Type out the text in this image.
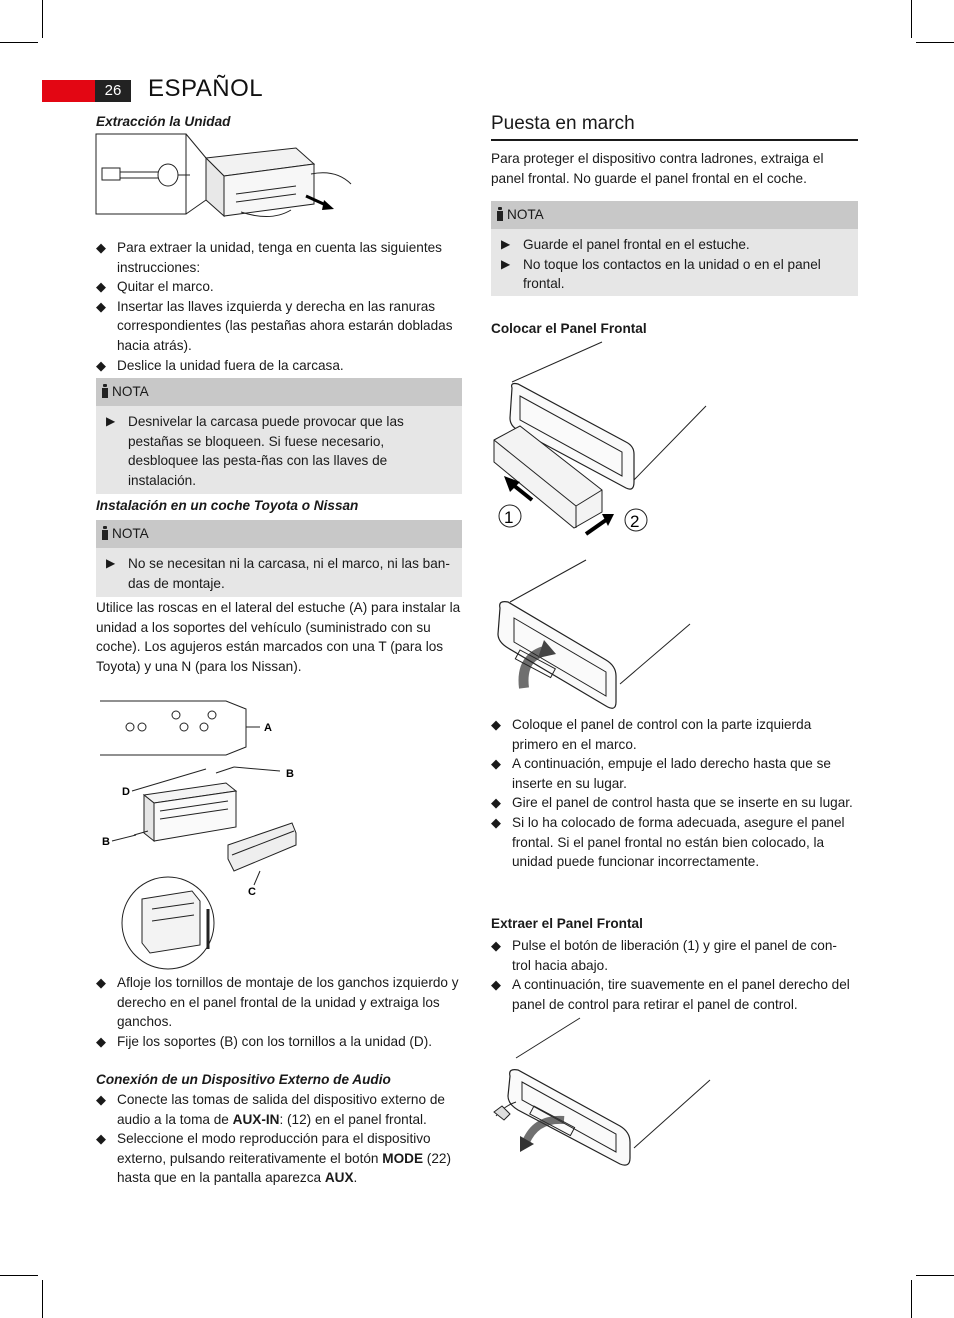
26	ESPAÑOL
Extracción la Unidad

◆ Para extraer la unidad, tenga en cuenta las siguientes instrucciones:

◆ Quitar el marco.

◆ Insertar las llaves izquierda y derecha en las ranuras correspondientes (las pestañas ahora estarán dobladas hacia atrás).

◆ Deslice la unidad fuera de la carcasa.

NOTA

▶ Desnivelar la carcasa puede provocar que las pestañas se bloqueen. Si fuese necesario, desbloquee las pesta-ñas con las llaves de instalación.

Instalación en un coche Toyota o Nissan
NOTA

▶ No se necesitan ni la carcasa, ni el marco, ni las ban-das de montaje.

Utilice las roscas en el lateral del estuche (A) para instalar la unidad a los soportes del vehículo (suministrado con su coche). Los agujeros están marcados con una T (para los Toyota) y una N (para los Nissan).
A
B
D
B
C

◆ Afloje los tornillos de montaje de los ganchos izquierdo y derecho en el panel frontal de la unidad y extraiga los ganchos.

◆ Fije los soportes (B) con los tornillos a la unidad (D).

Conexión de un Dispositivo Externo de Audio

◆ Conecte las tomas de salida del dispositivo externo de audio a la toma de AUX-IN: (12) en el panel frontal.

◆ Seleccione el modo reproducción para el dispositivo externo, pulsando reiterativamente el botón MODE (22) hasta que en la pantalla aparezca AUX.

Puesta en march
Para proteger el dispositivo contra ladrones, extraiga el panel frontal. No guarde el panel frontal en el coche.
NOTA

▶ Guarde el panel frontal en el estuche.

▶ No toque los contactos en la unidad o en el panel frontal.

Colocar el Panel Frontal
1	2

◆ Coloque el panel de control con la parte izquierda primero en el marco.

◆ A continuación, empuje el lado derecho hasta que se inserte en su lugar.

◆ Gire el panel de control hasta que se inserte en su lugar.

◆ Si lo ha colocado de forma adecuada, asegure el panel frontal. Si el panel frontal no están bien colocado, la unidad puede funcionar incorrectamente.

Extraer el Panel Frontal

◆ Pulse el botón de liberación (1) y gire el panel de con-trol hacia abajo.

◆ A continuación, tire suavemente en el panel derecho del panel de control para retirar el panel de control.
